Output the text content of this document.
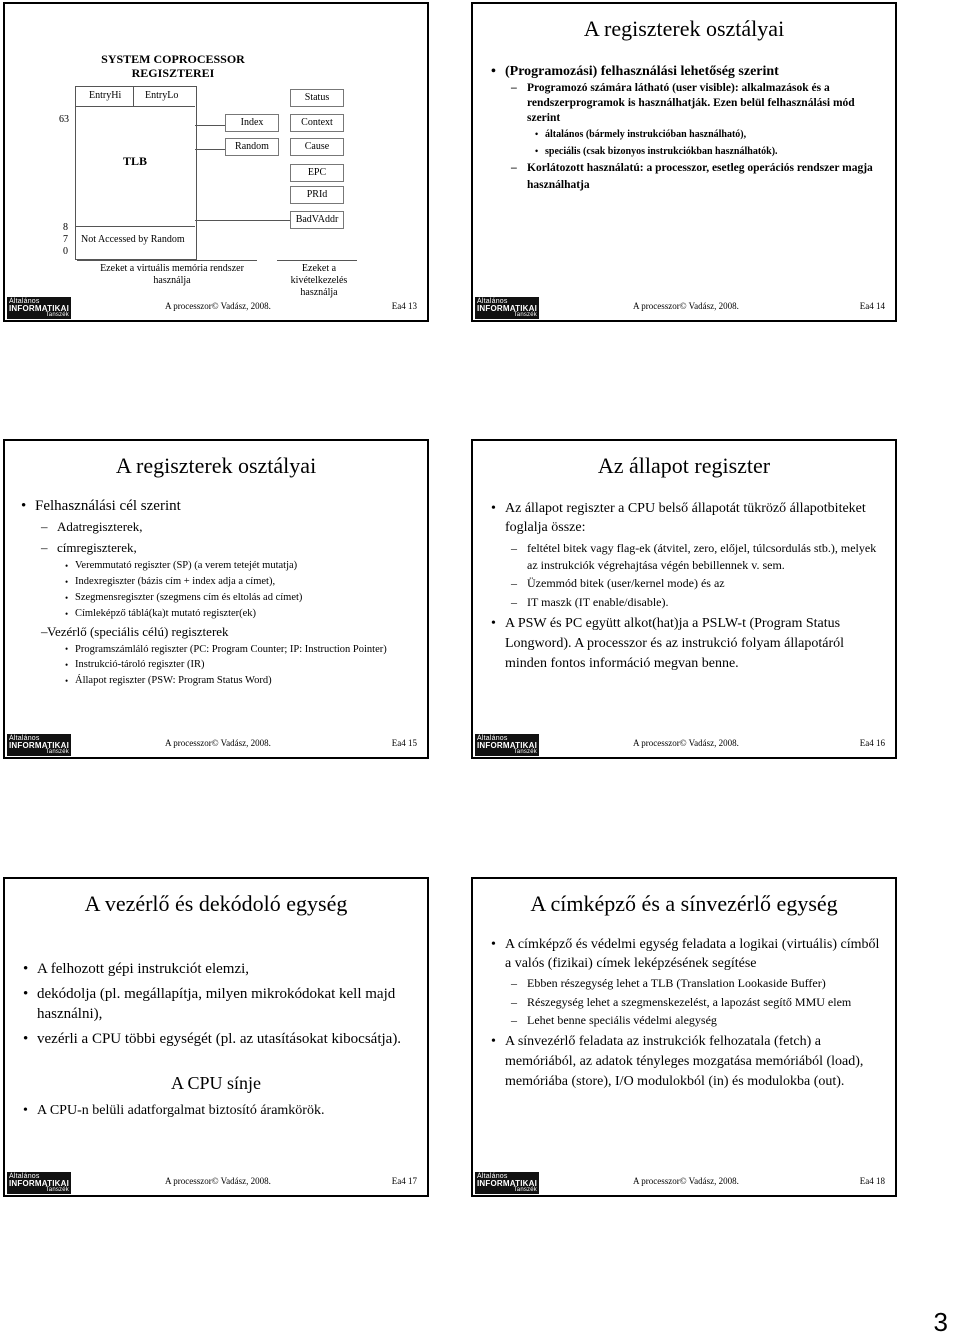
SYSTEM COPROCESSOR REGISZTEREI
63
8
7
0
EntryHi EntryLo
TLB
Not Accessed by Random
Index
Random
Status
Context
Cause
EPC
PRId
BadVAddr
Ezeket a virtuális memória rendszer használja
Ezeket a kivételkezelés használja
Általános
INFORMATIKAI
Tanszék
A processzor© Vadász, 2008.	Ea4 13
A regiszterek osztályai
• (Programozási) felhasználási lehetőség szerint
– Programozó számára látható (user visible): alkalmazások és a rendszerprogramok is használhatják. Ezen belül felhasználási mód szerint
• általános (bármely instrukcióban használható),
• speciális (csak bizonyos instrukciókban használhatók).
– Korlátozott használatú: a processzor, esetleg operációs rendszer magja használhatja
Általános
INFORMATIKAI
Tanszék
A processzor© Vadász, 2008.	Ea4 14
A regiszterek osztályai
• Felhasználási cél szerint
– Adatregiszterek,
– címregiszterek,
• Veremmutató regiszter (SP) (a verem tetejét mutatja)
• Indexregiszter (bázis cím + index adja a címet),
• Szegmensregiszter (szegmens cím és eltolás ad címet)
• Címleképző táblá(ka)t mutató regiszter(ek)
– Vezérlő (speciális célú) regiszterek
• Programszámláló regiszter (PC: Program Counter; IP: Instruction Pointer)
• Instrukció-tároló regiszter (IR)
• Állapot regiszter (PSW: Program Status Word)
Általános
INFORMATIKAI
Tanszék
A processzor© Vadász, 2008.	Ea4 15
Az állapot regiszter
• Az állapot regiszter a CPU belső állapotát tükröző állapotbiteket foglalja össze:
– feltétel bitek vagy flag-ek (átvitel, zero, előjel, túlcsordulás stb.), melyek az instrukciók végrehajtása végén bebillennek v. sem.
– Üzemmód bitek (user/kernel mode) és az
– IT maszk (IT enable/disable).
• A PSW és PC együtt alkot(hat)ja a PSLW-t (Program Status Longword). A processzor és az instrukció folyam állapotáról minden fontos információ megvan benne.
Általános
INFORMATIKAI
Tanszék
A processzor© Vadász, 2008.	Ea4 16
A vezérlő és dekódoló egység
• A felhozott gépi instrukciót elemzi,
• dekódolja (pl. megállapítja, milyen mikrokódokat kell majd használni),
• vezérli a CPU többi egységét (pl. az utasításokat kibocsátja).
A CPU sínje
• A CPU-n belüli adatforgalmat biztosító áramkörök.
Általános
INFORMATIKAI
Tanszék
A processzor© Vadász, 2008.	Ea4 17
A címképző és a sínvezérlő egység
• A címképző és védelmi egység feladata a logikai (virtuális) címből a valós (fizikai) címek leképzésének segítése
– Ebben részegység lehet a TLB (Translation Lookaside Buffer)
– Részegység lehet a szegmenskezelést, a lapozást segítő MMU elem
– Lehet benne speciális védelmi alegység
• A sínvezérlő feladata az instrukciók felhozatala (fetch) a memóriából, az adatok tényleges mozgatása memóriából (load), memóriába (store), I/O modulokból (in) és modulokba (out).
Általános
INFORMATIKAI
Tanszék
A processzor© Vadász, 2008.	Ea4 18
3
